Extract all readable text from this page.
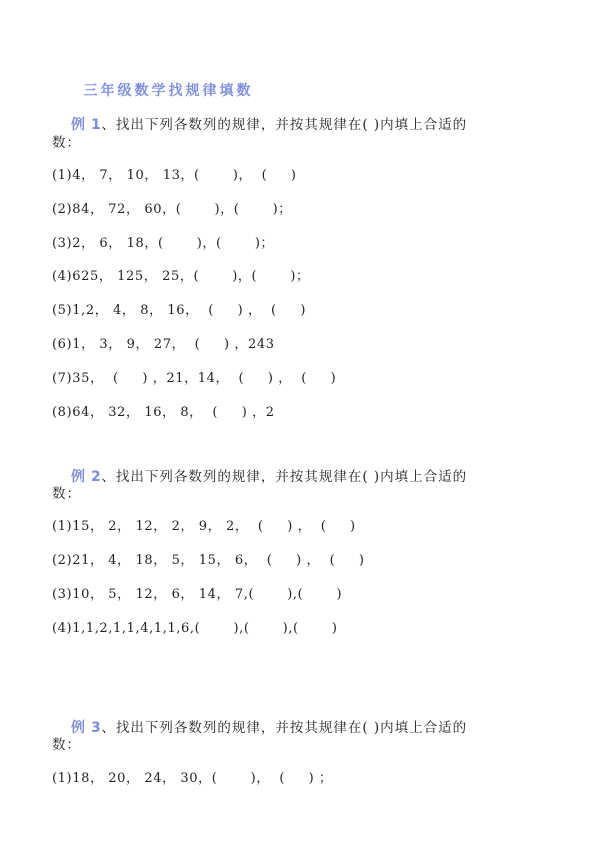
三年级数学找规律填数

例 1、找出下列各数列的规律，并按其规律在( )内填上合适的

数：
(1)4， 7， 10， 13，(       )，  (     )
(2)84， 72， 60，(       )，(       )；
(3)2， 6， 18，(       )，(       )；
(4)625， 125， 25，(       )，(       )；
(5)1,2， 4， 8， 16，  (     ) ，  (     )
(6)1， 3， 9， 27，  (     ) ，243
(7)35，  (     ) ，21，14，  (     ) ，  (     )
(8)64， 32， 16， 8，  (     ) ，2

例 2、找出下列各数列的规律，并按其规律在( )内填上合适的

数：
(1)15， 2， 12， 2， 9， 2，  (     ) ，  (     )
(2)21， 4， 18， 5， 15， 6，  (     ) ，  (     )
(3)10， 5， 12， 6， 14， 7,(       ),(       )
(4)1,1,2,1,1,4,1,1,6,(       ),(       ),(       )

例 3、找出下列各数列的规律，并按其规律在( )内填上合适的

数：
(1)18， 20， 24， 30，(       )，  (     ) ；
